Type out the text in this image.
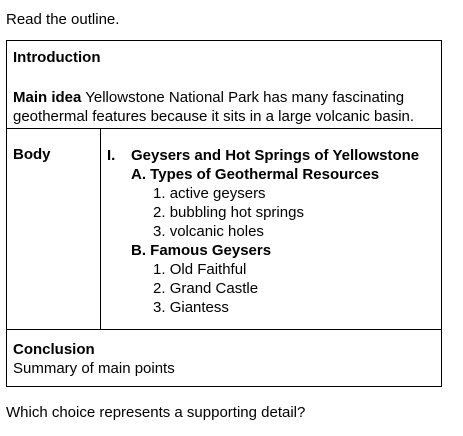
Read the outline.
Introduction
Main idea Yellowstone National Park has many fascinating geothermal features because it sits in a large volcanic basin.
Body	I. Geysers and Hot Springs of Yellowstone
A. Types of Geothermal Resources
1. active geysers
2. bubbling hot springs
3. volcanic holes
B. Famous Geysers
1. Old Faithful
2. Grand Castle
3. Giantess
Conclusion
Summary of main points
Which choice represents a supporting detail?
